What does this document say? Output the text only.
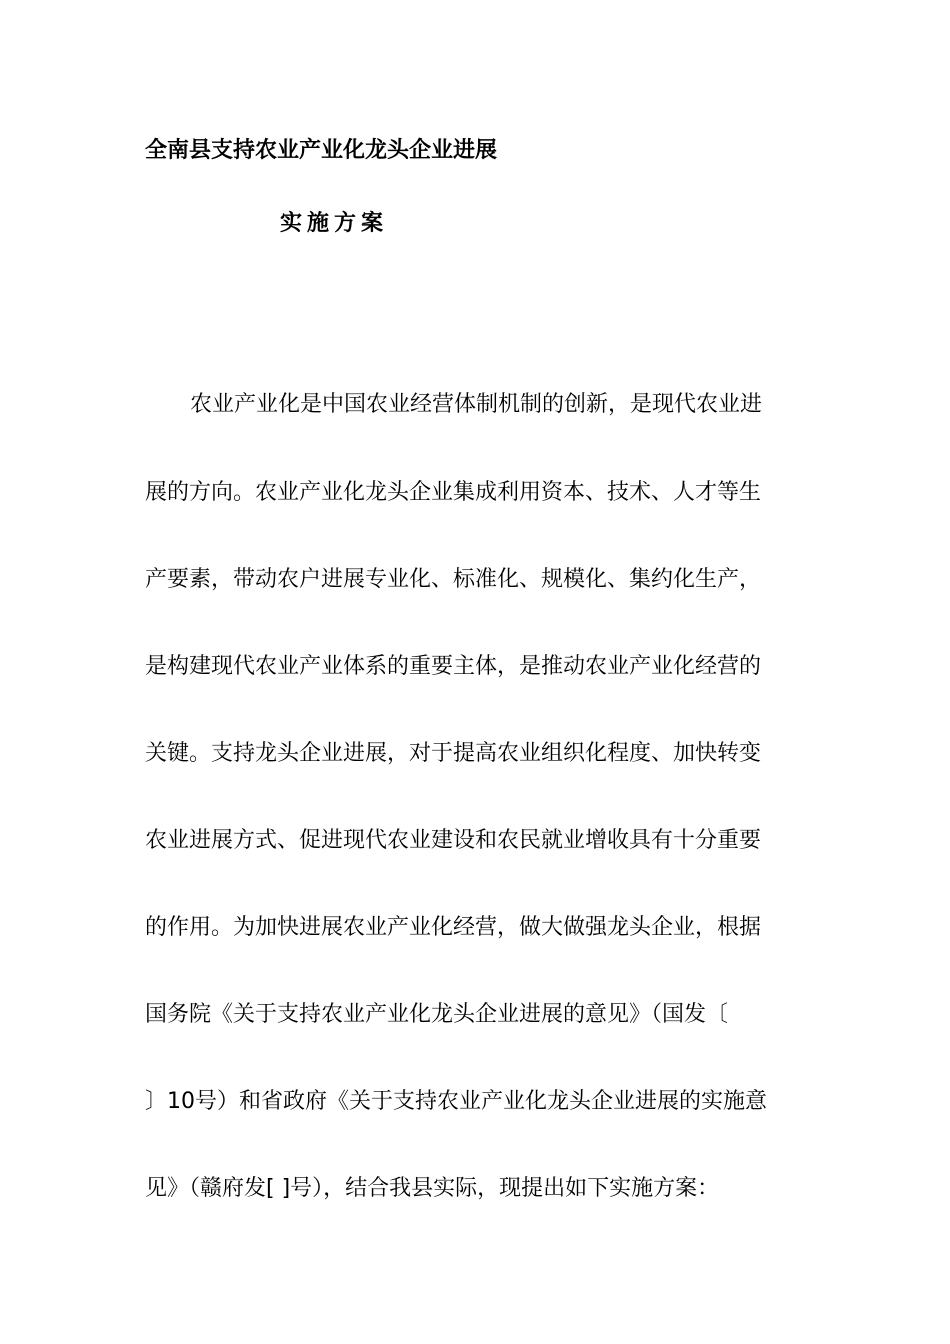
全南县支持农业产业化龙头企业进展
实施方案
农业产业化是中国农业经营体制机制的创新，是现代农业进
展的方向。农业产业化龙头企业集成利用资本、技术、人才等生
产要素，带动农户进展专业化、标准化、规模化、集约化生产，
是构建现代农业产业体系的重要主体，是推动农业产业化经营的
关键。支持龙头企业进展，对于提高农业组织化程度、加快转变
农业进展方式、促进现代农业建设和农民就业增收具有十分重要
的作用。为加快进展农业产业化经营，做大做强龙头企业，根据
国务院《关于支持农业产业化龙头企业进展的意见》（国发〔
〕10号）和省政府《关于支持农业产业化龙头企业进展的实施意
见》（赣府发[ ]号），结合我县实际，现提出如下实施方案：
